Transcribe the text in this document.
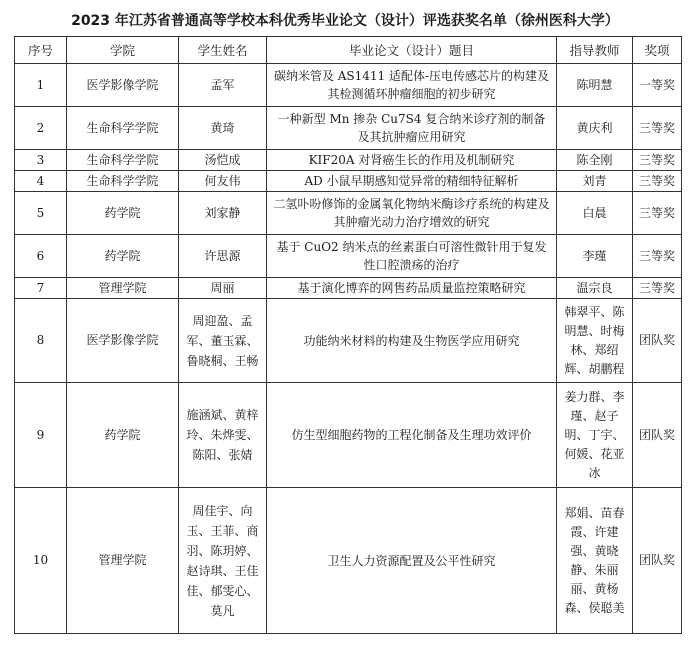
2023 年江苏省普通高等学校本科优秀毕业论文（设计）评选获奖名单（徐州医科大学）
序号	学院	学生姓名	毕业论文（设计）题目	指导教师	奖项
1	医学影像学院	孟军	碳纳米管及 AS1411 适配体-压电传感芯片的构建及其检测循环肿瘤细胞的初步研究	陈明慧	一等奖
2	生命科学学院	黄琦	一种新型 Mn 掺杂 Cu7S4 复合纳米诊疗剂的制备及其抗肿瘤应用研究	黄庆利	三等奖
3	生命科学学院	汤恺成	KIF20A 对肾癌生长的作用及机制研究	陈全刚	三等奖
4	生命科学学院	何友伟	AD 小鼠早期感知觉异常的精细特征解析	刘青	三等奖
5	药学院	刘家静	二氢卟吩修饰的金属氧化物纳米酶诊疗系统的构建及其肿瘤光动力治疗增效的研究	白晨	三等奖
6	药学院	许思源	基于 CuO2 纳米点的丝素蛋白可溶性微针用于复发性口腔溃疡的治疗	李瑾	三等奖
7	管理学院	周丽	基于演化博弈的网售药品质量监控策略研究	温宗良	三等奖
8	医学影像学院	周迎盈、孟军、董玉霖、鲁晓桐、王畅	功能纳米材料的构建及生物医学应用研究	韩翠平、陈明慧、时梅林、郑绍辉、胡鹏程	团队奖
9	药学院	施涵斌、黄梓玲、朱烨雯、陈阳、张婧	仿生型细胞药物的工程化制备及生理功效评价	姜力群、李瑾、赵子明、丁宇、何媛、花亚冰	团队奖
10	管理学院	周佳宇、向玉、王菲、商羽、陈玥婷、赵诗琪、王佳佳、郁雯心、莫凡	卫生人力资源配置及公平性研究	郑娟、苗春霞、许建强、黄晓静、朱丽丽、黄杨森、侯聪美	团队奖
